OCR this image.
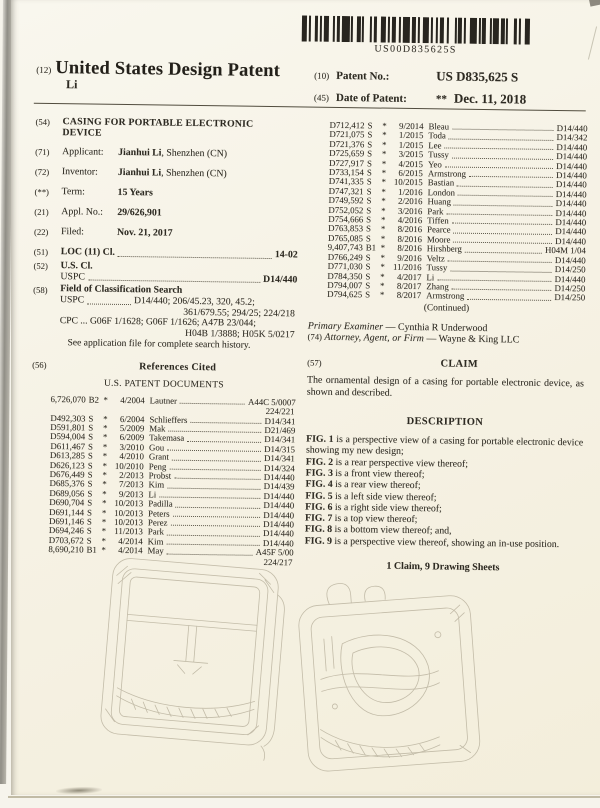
US00D835625S
(12) United States Design Patent
Li
(10) Patent No.:	US D835,625 S
(45) Date of Patent:	** Dec. 11, 2018
(54)	CASING FOR PORTABLE ELECTRONIC DEVICE
(71)	Applicant:	Jianhui Li, Shenzhen (CN)
(72)	Inventor:	Jianhui Li, Shenzhen (CN)
(**)	Term:	15 Years
(21)	Appl. No.:	29/626,901
(22)	Filed:	Nov. 21, 2017
(51)	LOC (11) Cl.	14-02
(52)	U.S. Cl.
USPC	D14/440
(58)	Field of Classification Search
USPC	D14/440; 206/45.23, 320, 45.2;
361/679.55; 294/25; 224/218
CPC ... G06F 1/1628; G06F 1/1626; A47B 23/044;
H04B 1/3888; H05K 5/0217
See application file for complete search history.
(56)	References Cited
U.S. PATENT DOCUMENTS
6,726,070 B2 *	4/2004 Lautner	A44C 5/0007
224/221
D492,303 S	*	6/2004 Schlieffers	D14/341
D591,801 S	*	5/2009 Mak	D21/469
D594,004 S	*	6/2009 Takemasa	D14/341
D611,467 S	*	3/2010 Gou	D14/315
D613,285 S	*	4/2010 Grant	D14/341
D626,123 S	* 10/2010 Peng	D14/324
D676,449 S	*	2/2013 Probst	D14/440
D685,376 S	*	7/2013 Kim	D14/439
D689,056 S	*	9/2013 Li	D14/440
D690,704 S	* 10/2013 Padilla	D14/440
D691,144 S	* 10/2013 Peters	D14/440
D691,146 S	* 10/2013 Perez	D14/440
D694,246 S	* 11/2013 Park	D14/440
D703,672 S	*	4/2014 Kim	D14/440
8,690,210 B1 *	4/2014 May	A45F 5/00
224/217
D712,412 S	*	9/2014 Bleau	D14/440
D721,075 S	*	1/2015 Toda	D14/342
D721,376 S	*	1/2015 Lee	D14/440
D725,659 S	*	3/2015 Tussy	D14/440
D727,917 S	*	4/2015 Yeo	D14/440
D733,154 S	*	6/2015 Armstrong	D14/440
D741,335 S	* 10/2015 Bastian	D14/440
D747,321 S	*	1/2016 London	D14/440
D749,592 S	*	2/2016 Huang	D14/440
D752,052 S	*	3/2016 Park	D14/440
D754,666 S	*	4/2016 Tiffen	D14/440
D763,853 S	*	8/2016 Pearce	D14/440
D765,085 S	*	8/2016 Moore	D14/440
9,407,743 B1 *	8/2016 Hirshberg	H04M 1/04
D766,249 S	*	9/2016 Veltz	D14/440
D771,030 S	* 11/2016 Tussy	D14/250
D784,350 S	*	4/2017 Li	D14/440
D794,007 S	*	8/2017 Zhang	D14/250
D794,625 S	*	8/2017 Armstrong	D14/250
(Continued)
Primary Examiner — Cynthia R Underwood
(74) Attorney, Agent, or Firm — Wayne & King LLC
(57)	CLAIM
The ornamental design of a casing for portable electronic device, as shown and described.
DESCRIPTION
FIG. 1 is a perspective view of a casing for portable electronic device showing my new design;
FIG. 2 is a rear perspective view thereof;
FIG. 3 is a front view thereof;
FIG. 4 is a rear view thereof;
FIG. 5 is a left side view thereof;
FIG. 6 is a right side view thereof;
FIG. 7 is a top view thereof;
FIG. 8 is a bottom view thereof; and,
FIG. 9 is a perspective view thereof, showing an in-use position.
1 Claim, 9 Drawing Sheets
